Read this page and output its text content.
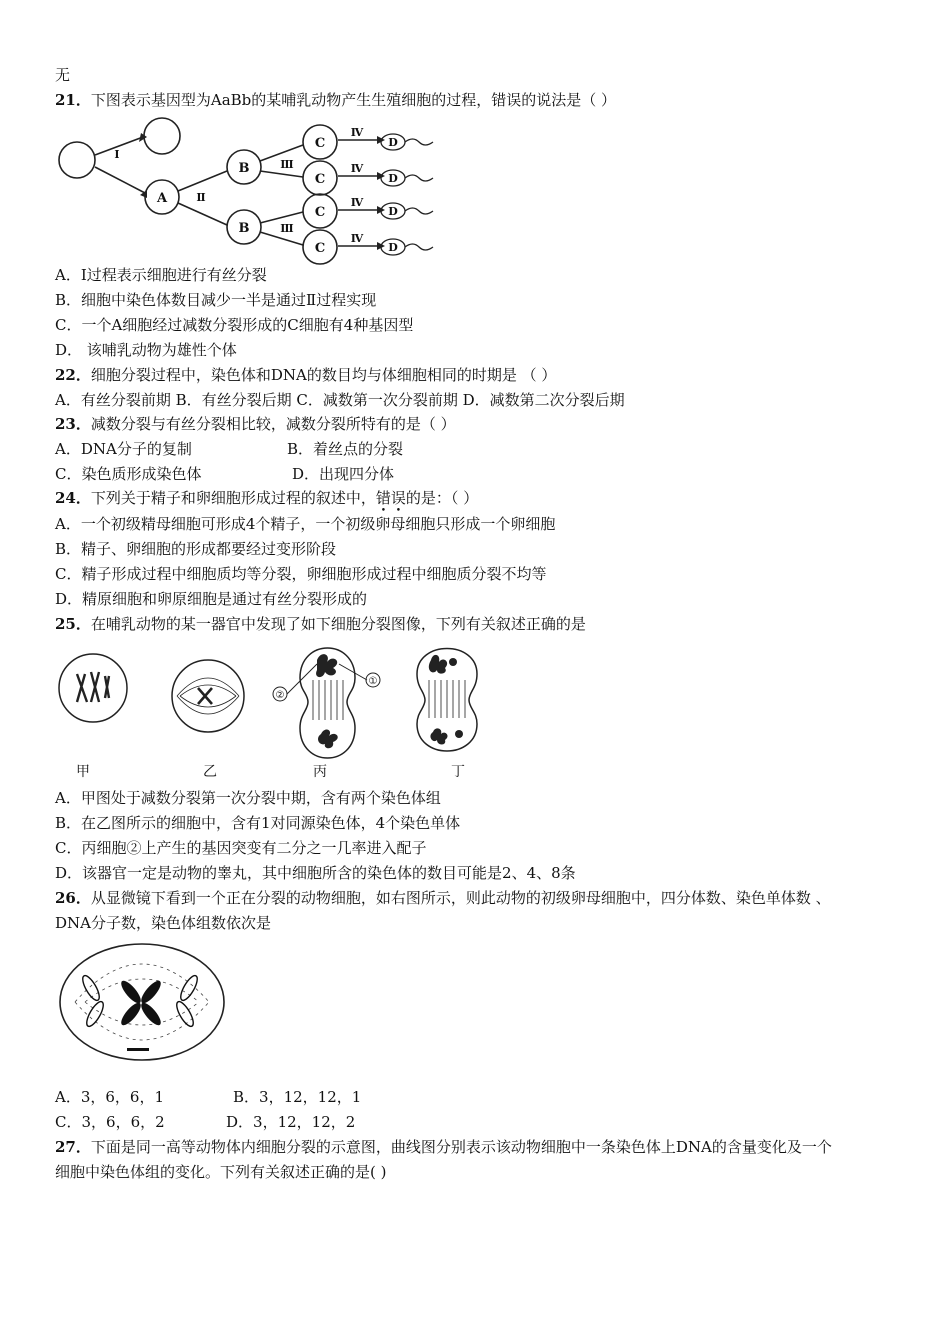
无
21．下图表示基因型为AaBb的某哺乳动物产生生殖细胞的过程，错误的说法是（ ）
A
B
B
C
C
C
C
D
D
D
D
Ⅰ
Ⅱ
Ⅲ
Ⅲ
Ⅳ
Ⅳ
Ⅳ
Ⅳ
A．Ⅰ过程表示细胞进行有丝分裂
B．细胞中染色体数目减少一半是通过Ⅱ过程实现
C．一个A细胞经过减数分裂形成的C细胞有4种基因型
D． 该哺乳动物为雄性个体
22．细胞分裂过程中，染色体和DNA的数目均与体细胞相同的时期是 （ ）
A．有丝分裂前期 B．有丝分裂后期 C．减数第一次分裂前期 D．减数第二次分裂后期
23．减数分裂与有丝分裂相比较，减数分裂所特有的是（ ）
A．DNA分子的复制	B．着丝点的分裂
C．染色质形成染色体	D．出现四分体
24．下列关于精子和卵细胞形成过程的叙述中，错误的是：（ ）
A．一个初级精母细胞可形成4个精子，一个初级卵母细胞只形成一个卵细胞
B．精子、卵细胞的形成都要经过变形阶段
C．精子形成过程中细胞质均等分裂，卵细胞形成过程中细胞质分裂不均等
D．精原细胞和卵原细胞是通过有丝分裂形成的
25．在哺乳动物的某一器官中发现了如下细胞分裂图像，下列有关叙述正确的是
②
①
甲	乙	丙	丁
A．甲图处于减数分裂第一次分裂中期，含有两个染色体组
B．在乙图所示的细胞中，含有1对同源染色体，4个染色单体
C．丙细胞②上产生的基因突变有二分之一几率进入配子
D．该器官一定是动物的睾丸，其中细胞所含的染色体的数目可能是2、4、8条
26．从显微镜下看到一个正在分裂的动物细胞，如右图所示，则此动物的初级卵母细胞中，四分体数、染色单体数 、
DNA分子数，染色体组数依次是
A．3，6，6，1	B．3，12，12，1
C．3，6，6，2	D．3，12，12，2
27．下面是同一高等动物体内细胞分裂的示意图，曲线图分别表示该动物细胞中一条染色体上DNA的含量变化及一个
细胞中染色体组的变化。下列有关叙述正确的是( )
